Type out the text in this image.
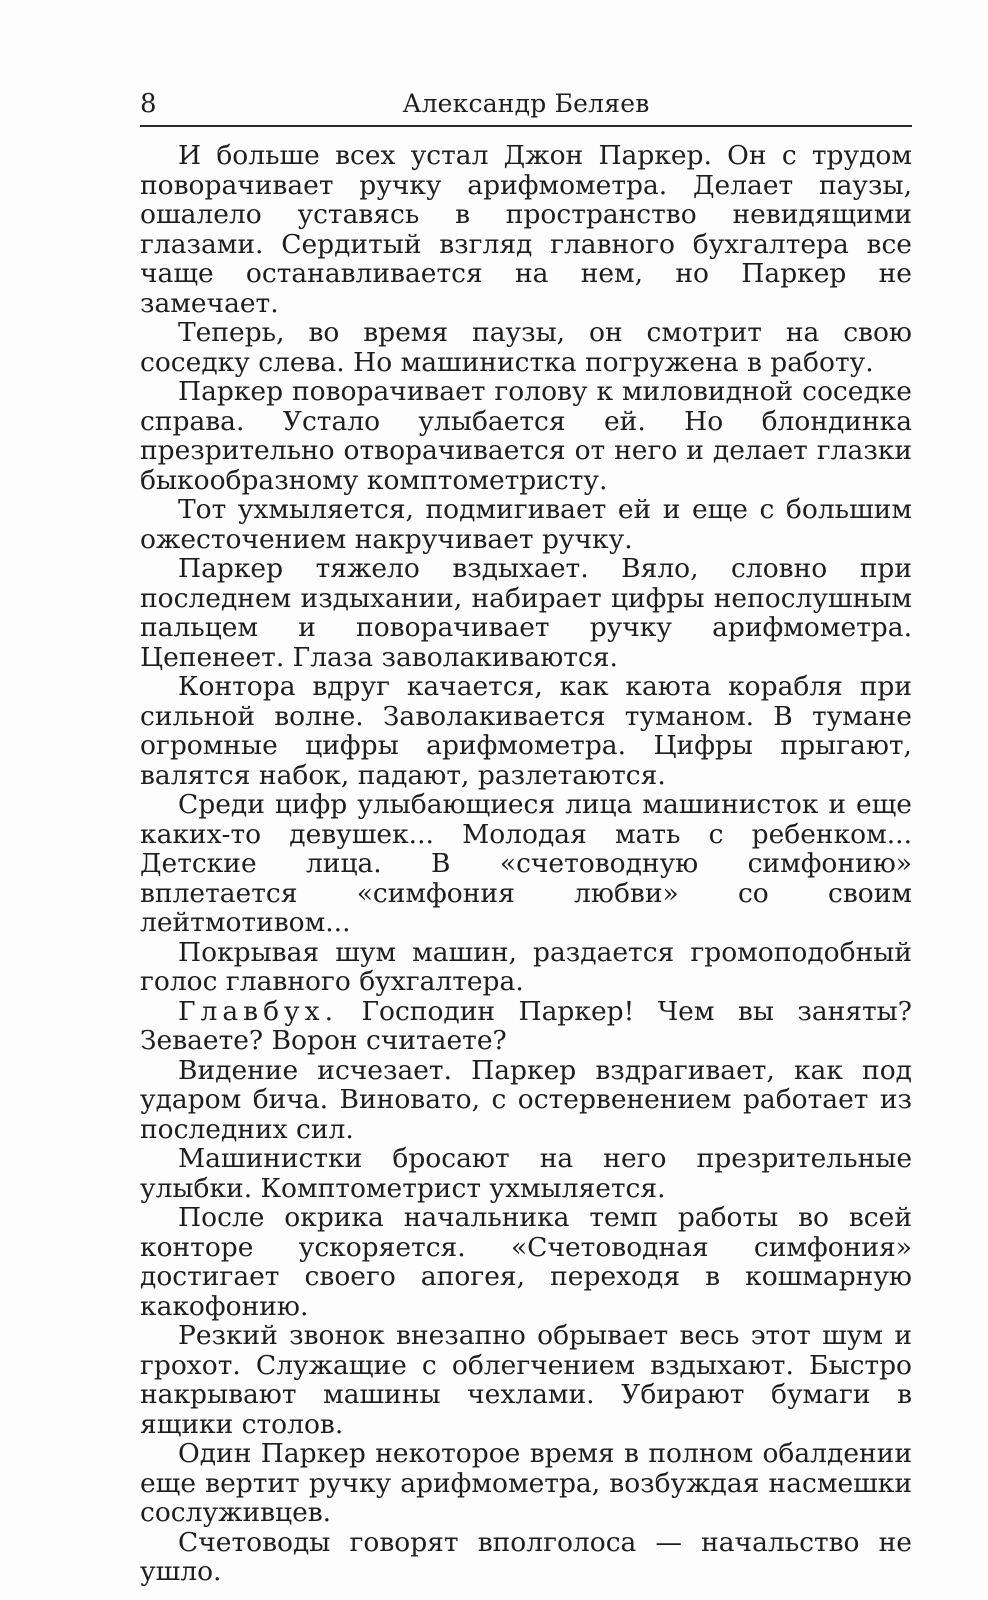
8	Александр Беляев

И больше всех устал Джон Паркер. Он с трудом поворачивает ручку арифмометра. Делает паузы, ошалело уставясь в пространство невидящими глазами. Сердитый взгляд главного бухгалтера все чаще останавливается на нем, но Паркер не замечает.

Теперь, во время паузы, он смотрит на свою соседку слева. Но машинистка погружена в работу.

Паркер поворачивает голову к миловидной соседке справа. Устало улыбается ей. Но блондинка презрительно отворачивается от него и делает глазки быкообразному комптометристу.

Тот ухмыляется, подмигивает ей и еще с большим ожесточением накручивает ручку.

Паркер тяжело вздыхает. Вяло, словно при последнем издыхании, набирает цифры непослушным пальцем и поворачивает ручку арифмометра. Цепенеет. Глаза заволакиваются.

Контора вдруг качается, как каюта корабля при сильной волне. Заволакивается туманом. В тумане огромные цифры арифмометра. Цифры прыгают, валятся набок, падают, разлетаются.

Среди цифр улыбающиеся лица машинисток и еще каких-то девушек... Молодая мать с ребенком... Детские лица. В «счетоводную симфонию» вплетается «симфония любви» со своим лейтмотивом...

Покрывая шум машин, раздается громоподобный голос главного бухгалтера.

Главбух. Господин Паркер! Чем вы заняты? Зеваете? Ворон считаете?

Видение исчезает. Паркер вздрагивает, как под ударом бича. Виновато, с остервенением работает из последних сил.

Машинистки бросают на него презрительные улыбки. Комптометрист ухмыляется.

После окрика начальника темп работы во всей конторе ускоряется. «Счетоводная симфония» достигает своего апогея, переходя в кошмарную какофонию.

Резкий звонок внезапно обрывает весь этот шум и грохот. Служащие с облегчением вздыхают. Быстро накрывают машины чехлами. Убирают бумаги в ящики столов.

Один Паркер некоторое время в полном обалдении еще вертит ручку арифмометра, возбуждая насмешки сослуживцев.

Счетоводы говорят вполголоса — начальство не ушло.
